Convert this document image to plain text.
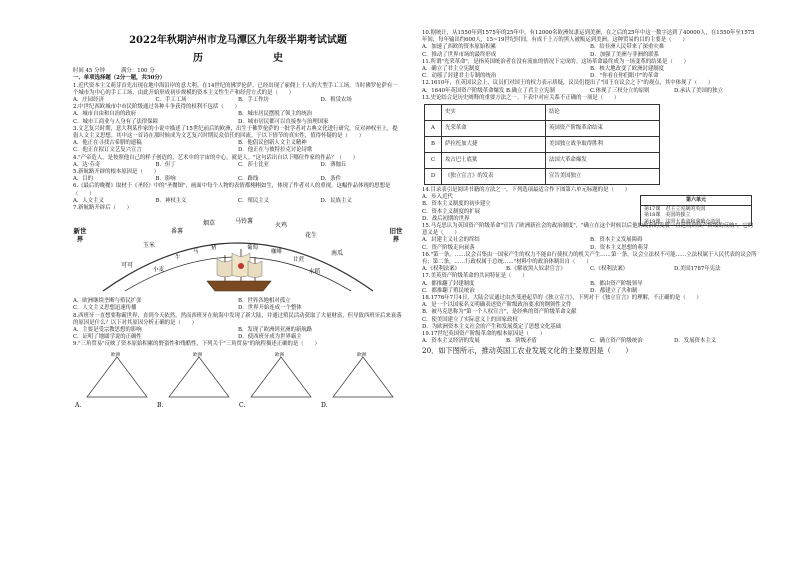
2022年秋期泸州市龙马潭区九年级半期考试试题
历　史
时间 45 分钟　　　满分：100 分
一、单项选择题（2分一题，共50分）
1.近代资本主义萌芽首先出现在地中海沿岸的意大利。在14世纪的佛罗伦萨，已经出现了雇佣上千人的大型手工工场。当时佛罗伦萨有一个城市为中心的手工工场，由此开始形成初步规模的资本主义性生产和经营方式的是（　　）
A．庄园经济	C．手工工场	B．手工作坊	D．租赁农场
2.中世纪西欧城市中市民阶级通过各种斗争获得的权利不包括（　　）
A．城市自由和自治的政府	B．城市居民摆脱了领主的统治
C．城市工商业与人身有了法律保障	D．城市居民都可以直接参与治理国家
3.文艺复兴时期，意大利某作家的小说中描述了15世纪前后的欧洲，出生于佛罗伦萨的一批学者对古典文化进行研究，反对神权至上，提倡人文主义思想。其中这一首诗在那时候成为文艺复兴时期民众信任的回流。于以下情节的真实性，值得怀疑的是（　　）
A．他正在寻找古希腊的遗稿	B．他倡议创新人文主义精神
C．他正在拟订文艺复兴宣言	D．他正在与彼特拉克讨论诗歌
4."产帝造人，是按照他自己的样子创造的，艺术中的宇宙的中心，就是人。"这句话出自以下哪位作家的作品？（　　）
A．达·芬奇	B．但丁	C．莎士比亚	D．薄伽丘
5.新航路开辟的根本原因是（　　）
A．目的	B．影响	C．路线	D．条件
6.《最后的晚餐》取材于《圣经》中的"圣餐图"，画面中每个人物的表情都栩栩如生，体现了作者对人的重视。这幅作品体现的思想是（　　）
A．人文主义	B．神权主义	C．殖民主义	D．民族主义
7.新航路开辟后（　　）
新世界
旧世界
可可
玉米
番薯
烟草	马铃薯
火鸡
花生
南瓜
小麦
牛
马
猪	葡萄
咖啡
甘蔗
水稻
A．欧洲继续垄断与殖民扩张	B．世界各地相对孤立
C．人文主义思想迅速传播	D．世界开始连成一个整体
8.西班牙一直想要称霸世界，直到今天依然，然而西班牙在航海中发现了新大陆，并通过殖民活动获取了大量财富，但导致西班牙后来衰落的原因是什么？以下对其原因分析正确的是（　　）
A．主要是受宗教思想的影响	B．发现了欧洲到亚洲的新航路
C．证明了地圆学说的正确性	D．使西班牙成为世界霸主
9."三角贸易"反映了资本原始积累的野蛮性和残酷性，下列关于"三角贸易"的航程描述正确的是（　　）
A.
欧洲
B.
欧洲
C.
欧洲
D.
欧洲
10.据统计，从1550年到1575年的25年中，有12000名欧洲奴隶运到美洲，在之后的25年中这一数字达到了40000人，在1550年至1575年间，每年输出约600人，15~19世纪时间，有成千上万的黑人被贩运到美洲。这种贸易的目的主要是（　　）
A．加速了西欧的资本原始积累	B．给非洲人民带来了深重灾难
C．推动了世界市场的最终形成	D．加强了美洲与非洲的联系
11.所谓"光荣革命"，是指英国统治者在没有流血的情况下完成的。这场革命最终成为一场变革的结果是（　　）
A．确立了君主立宪制度	B．核大地改变了欧洲封建制度
C．动摇了封建君主专制的统治	D．"你看在你们眼中"的革命
12.1610年，在英国议会上，议员们对国王的权力表示质疑，议员们提出了"国王在议会之下"的观点，其中体现了（　　）
A．1640年英国资产阶级革命爆发 B.确立了君主立宪制	C.体现了三权分立的原则	D.承认了美国的独立
13.史论结合是历史阐释的重要方法之一。下表中对应关系不正确的一项是（　　）
	史实	结论
A	光荣革命	英国资产阶级革命结束
B	萨拉托加大捷	美国独立战争取得胜利
C	攻占巴士底狱	法国大革命爆发
D	《独立宣言》的发表	宣告美国独立
14.目录表引是阅读书籍的方法之一，下列选项最适合作下图第六单元标题的是（　　）
A．步入近代
B．资本主义制度的初步建立
C．资本主义制度的扩展
D．战后初期的世界
第六单元
第17课　君主立宪制的英国
第18课　美国的独立
第19课　法国大革命和拿破仑帝国
15.马克思认为英国资产阶级革命"宣告了欧洲新社会的政治制度"，"确立在这个时候以后他的政治的发展一直延续到资产阶级的反映"，它的意义是（　　）
A．封建主义社会的终结	B．资本主义发展障碍
C．资产阶级走向衰落	D．资本主义思想的萌芽
16."第一条，……议会召集由一国家产生的权力不能由行使权力的机关产生……第一条，议会立法权不可能……立法权属于人民代表的议会所有；第二条，……行政权属于总统……"材料中的政治体制出自（　　）
A.《权利法案》	B.《解放黑人奴隶宣言》	C.《权利法案》	D.美国1787年宪法
17.美英资产阶级革命的共同特征是（　　）
A．都推翻了封建制度	B．都由资产阶级领导
C．都推翻了殖民统治	D．都建立了共和制
18.1776年7月4日，大陆会议通过由杰斐逊起草的《独立宣言》，下列对于《独立宣言》的理解，不正确的是（　　）
A．是一个以国家名义明确表述资产阶级政治要求的纲领性文件
B．被马克思称为"第一个人权宣言"，是经典的资产阶级革命文献
C．使美国建立了实际意义上的国家政权
D．为欧洲资本主义社会的产生和发展奠定了思想文化基础
19.17世纪英国资产阶级革命的根本原因是（　　）
A．资本主义经济的发展	B．阶级矛盾	C．确立资产阶级统治	D．发展资本主义
20．如下图所示，推动英国工农业发展文化的主要原因是（　　）
